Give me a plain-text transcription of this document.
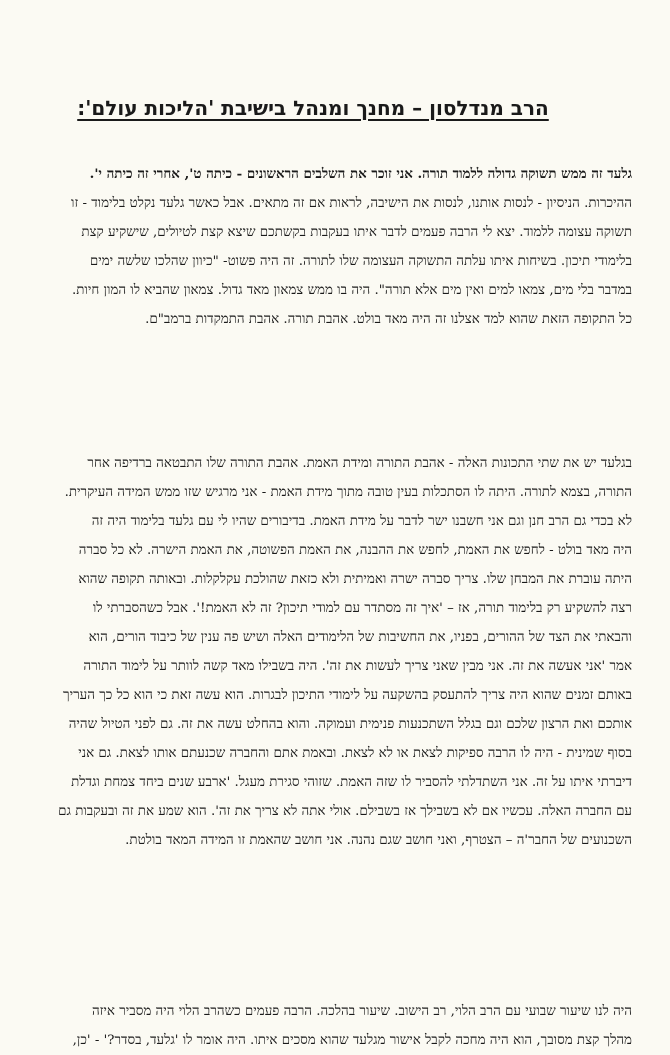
הרב מנדלסון – מחנך ומנהל בישיבת 'הליכות עולם':
גלעד זה ממש תשוקה גדולה ללמוד תורה. אני זוכר את השלבים הראשונים - כיתה ט', אחרי זה כיתה י'.
ההיכרות. הניסיון - לנסות אותנו, לנסות את הישיבה, לראות אם זה מתאים. אבל כאשר גלעד נקלט בלימוד - זו
תשוקה עצומה ללמוד. יצא לי הרבה פעמים לדבר איתו בעקבות בקשתכם שיצא קצת לטיולים, שישקיע קצת
בלימודי תיכון. בשיחות איתו עלתה התשוקה העצומה שלו לתורה. זה היה פשוט- "כיוון שהלכו שלשה ימים
במדבר בלי מים, צמאו למים ואין מים אלא תורה". היה בו ממש צמאון מאד גדול. צמאון שהביא לו המון חיות.
כל התקופה הזאת שהוא למד אצלנו זה היה מאד בולט. אהבת תורה. אהבת התמקדות ברמב"ם.
בגלעד יש את שתי התכונות האלה - אהבת התורה ומידת האמת. אהבת התורה שלו התבטאה ברדיפה אחר
התורה, בצמא לתורה. היתה לו הסתכלות בעין טובה מתוך מידת האמת - אני מרגיש שזו ממש המידה העיקרית.
לא בכדי גם הרב חנן וגם אני חשבנו ישר לדבר על מידת האמת. בדיבורים שהיו לי עם גלעד בלימוד היה זה
היה מאד בולט - לחפש את האמת, לחפש את ההבנה, את האמת הפשוטה, את האמת הישרה. לא כל סברה
היתה עוברת את המבחן שלו. צריך סברה ישרה ואמיתית ולא כזאת שהולכת עקלקלות. ובאותה תקופה שהוא
רצה להשקיע רק בלימוד תורה, אז – 'איך זה מסתדר עם למודי תיכון? זה לא האמת!'. אבל כשהסברתי לו
והבאתי את הצד של ההורים, בפניו, את החשיבות של הלימודים האלה ושיש פה ענין של כיבוד הורים, הוא
אמר 'אני אעשה את זה. אני מבין שאני צריך לעשות את זה'. היה בשבילו מאד קשה לוותר על לימוד התורה
באותם זמנים שהוא היה צריך להתעסק בהשקעה על לימודי התיכון לבגרות. הוא עשה זאת כי הוא כל כך העריך
אותכם ואת הרצון שלכם וגם בגלל השתכנעות פנימית ועמוקה. והוא בהחלט עשה את זה. גם לפני הטיול שהיה
בסוף שמינית - היה לו הרבה ספיקות לצאת או לא לצאת. ובאמת אתם והחברה שכנעתם אותו לצאת. גם אני
דיברתי איתו על זה. אני השתדלתי להסביר לו שזה האמת. שזוהי סגירת מעגל. 'ארבע שנים ביחד צמחת וגדלת
עם החברה האלה. עכשיו אם לא בשבילך אז בשבילם. אולי אתה לא צריך את זה'. הוא שמע את זה ובעקבות גם
השכנועים של החבר'ה – הצטרף, ואני חושב שגם נהנה. אני חושב שהאמת זו המידה המאד בולטת.
היה לנו שיעור שבועי עם הרב הלוי, רב הישוב. שיעור בהלכה. הרבה פעמים כשהרב הלוי היה מסביר איזה
מהלך קצת מסובך, הוא היה מחכה לקבל אישור מגלעד שהוא מסכים איתו. היה אומר לו 'גלעד, בסדר?' - 'כן,
